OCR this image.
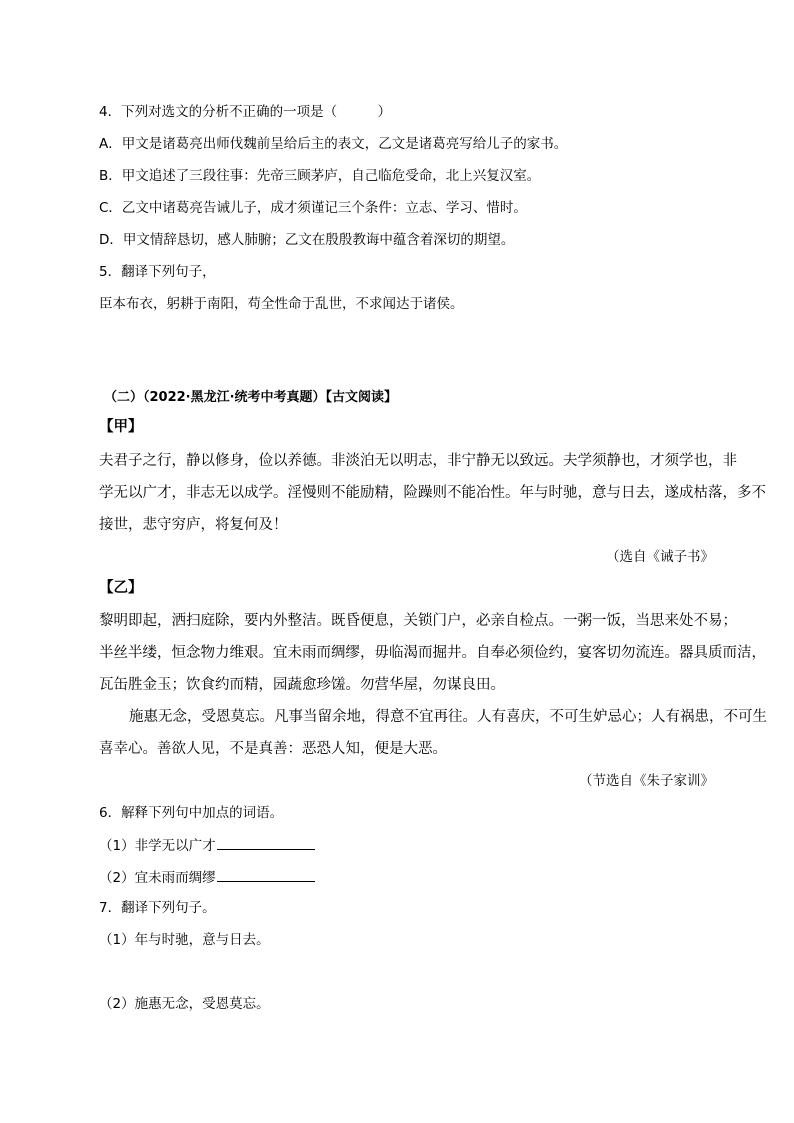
4．下列对选文的分析不正确的一项是（　　　）

A．甲文是诸葛亮出师伐魏前呈给后主的表文，乙文是诸葛亮写给儿子的家书。

B．甲文追述了三段往事：先帝三顾茅庐，自己临危受命，北上兴复汉室。

C．乙文中诸葛亮告诫儿子，成才须谨记三个条件：立志、学习、惜时。

D．甲文情辞恳切，感人肺腑；乙文在殷殷教诲中蕴含着深切的期望。

5．翻译下列句子，

臣本布衣，躬耕于南阳，苟全性命于乱世，不求闻达于诸侯。

（二）（2022·黑龙江·统考中考真题）【古文阅读】

【甲】

夫君子之行，静以修身，俭以养德。非淡泊无以明志，非宁静无以致远。夫学须静也，才须学也，非

学无以广才，非志无以成学。淫慢则不能励精，险躁则不能冶性。年与时驰，意与日去，遂成枯落，多不

接世，悲守穷庐，将复何及！

（选自《诫子书》

【乙】

黎明即起，洒扫庭除，要内外整洁。既昏便息，关锁门户，必亲自检点。一粥一饭，当思来处不易；

半丝半缕，恒念物力维艰。宜未雨而绸缪，毋临渴而掘井。自奉必须俭约，宴客切勿流连。器具质而洁，

瓦缶胜金玉；饮食约而精，园蔬愈珍馐。勿营华屋，勿谋良田。

施惠无念，受恩莫忘。凡事当留余地，得意不宜再往。人有喜庆，不可生妒忌心；人有祸患，不可生

喜幸心。善欲人见，不是真善：恶恐人知，便是大恶。

（节选自《朱子家训》

6．解释下列句中加点的词语。

（1）非学无以广才

（2）宜未雨而绸缪

7．翻译下列句子。

（1）年与时驰，意与日去。

（2）施惠无念，受恩莫忘。
